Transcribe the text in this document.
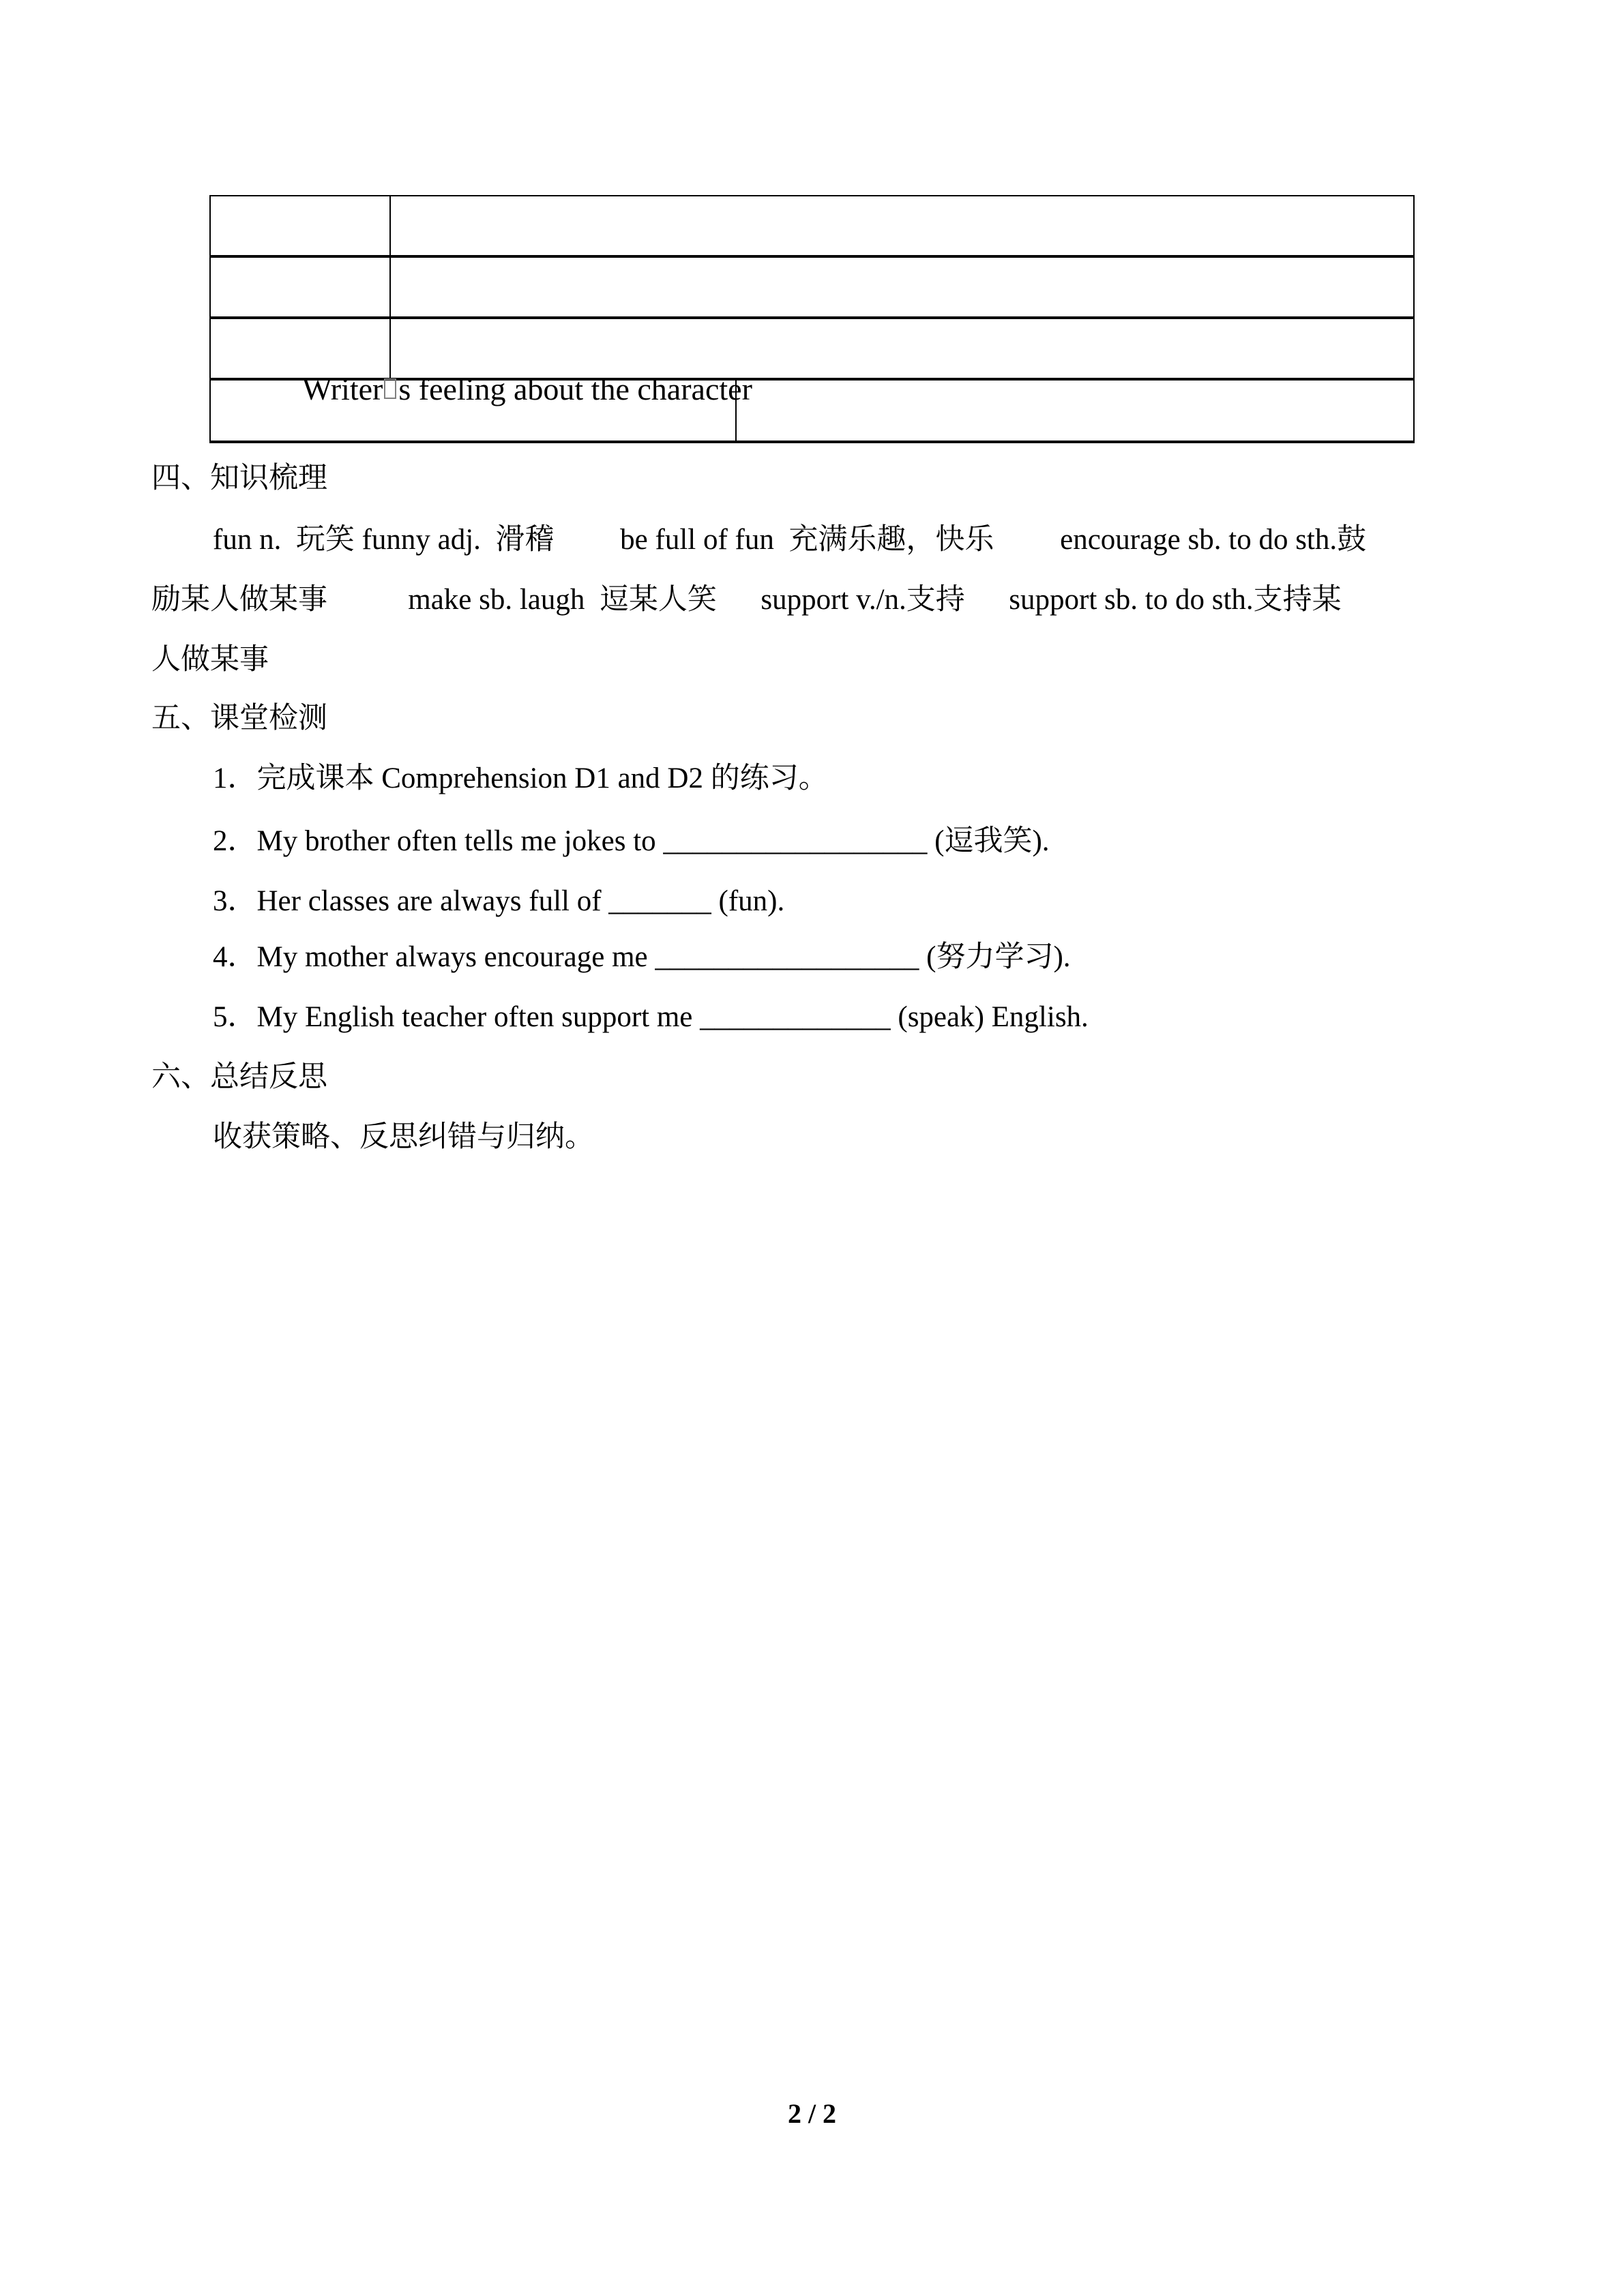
Writer s feeling about the character

四、知识梳理
fun n.  玩笑 funny adj.  滑稽         be full of fun  充满乐趣，快乐         encourage sb. to do sth.鼓
励某人做某事           make sb. laugh  逗某人笑      support v./n.支持      support sb. to do sth.支持某
人做某事
五、课堂检测
1．完成课本 Comprehension D1 and D2 的练习。
2．My brother often tells me jokes to __________________ (逗我笑).
3．Her classes are always full of _______ (fun).
4．My mother always encourage me __________________ (努力学习).
5．My English teacher often support me _____________ (speak) English.
六、总结反思
收获策略、反思纠错与归纳。
2 / 2
